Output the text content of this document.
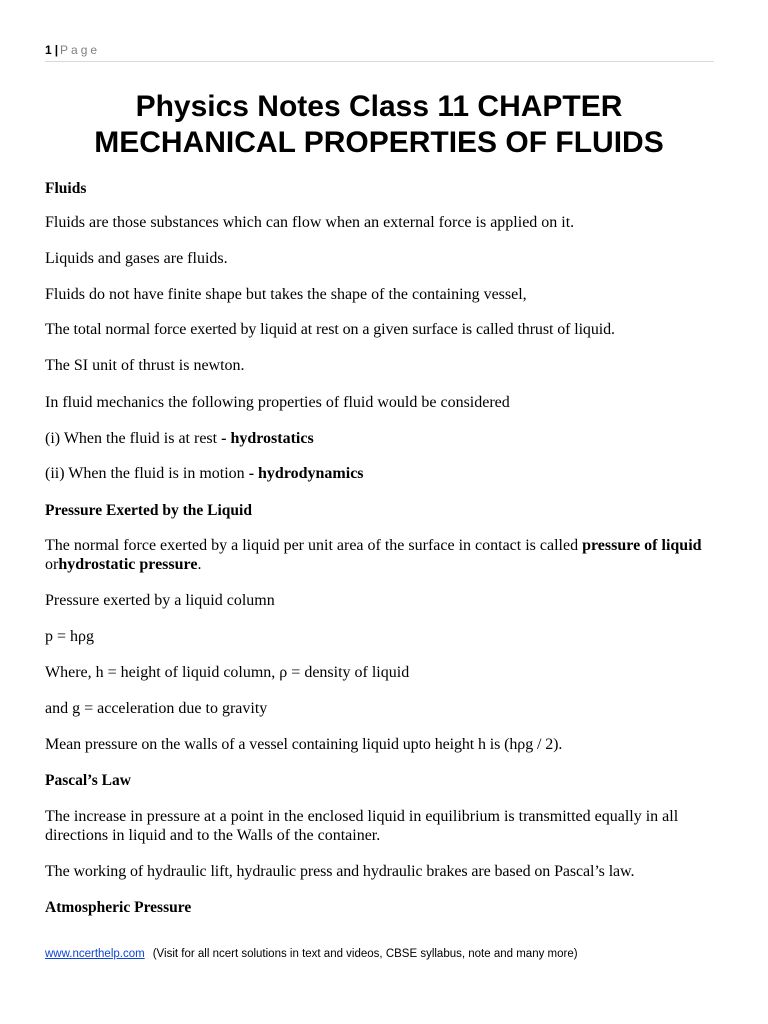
1 | Page
Physics Notes Class 11 CHAPTER
MECHANICAL PROPERTIES OF FLUIDS

Fluids

Fluids are those substances which can flow when an external force is applied on it.

Liquids and gases are fluids.

Fluids do not have finite shape but takes the shape of the containing vessel,

The total normal force exerted by liquid at rest on a given surface is called thrust of liquid.

The SI unit of thrust is newton.

In fluid mechanics the following properties of fluid would be considered

(i) When the fluid is at rest - hydrostatics

(ii) When the fluid is in motion - hydrodynamics

Pressure Exerted by the Liquid

The normal force exerted by a liquid per unit area of the surface in contact is called pressure of liquid orhydrostatic pressure.

Pressure exerted by a liquid column

p = hρg

Where, h = height of liquid column, ρ = density of liquid

and g = acceleration due to gravity

Mean pressure on the walls of a vessel containing liquid upto height h is (hρg / 2).

Pascal’s Law

The increase in pressure at a point in the enclosed liquid in equilibrium is transmitted equally in all directions in liquid and to the Walls of the container.

The working of hydraulic lift, hydraulic press and hydraulic brakes are based on Pascal’s law.

Atmospheric Pressure

www.ncerthelp.com (Visit for all ncert solutions in text and videos, CBSE syllabus, note and many more)
